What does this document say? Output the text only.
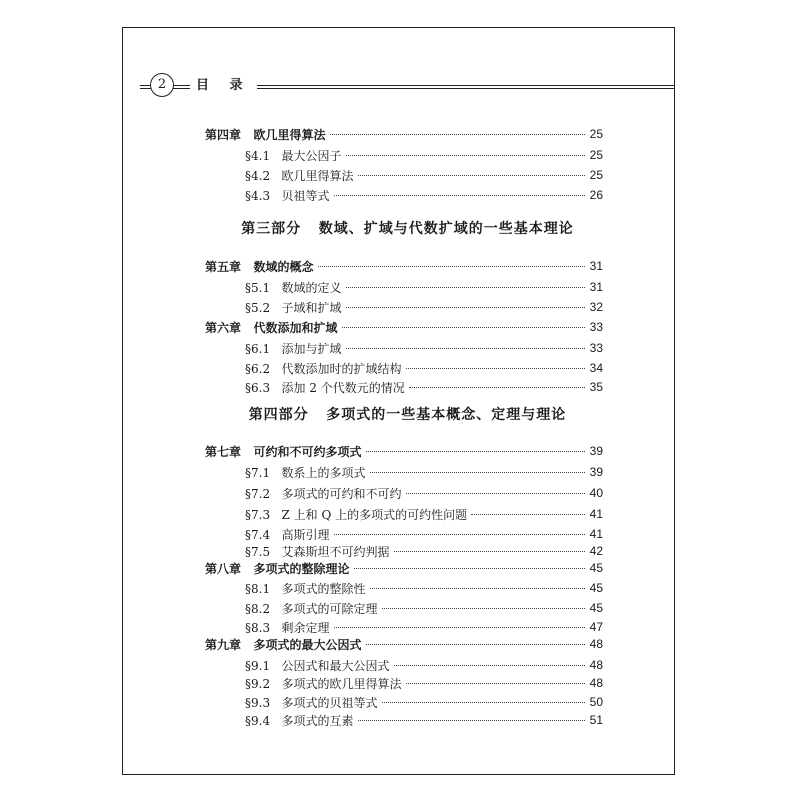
2	目 录
第三部分   数域、扩域与代数扩域的一些基本理论
第四部分   多项式的一些基本概念、定理与理论
第四章   欧几里得算法	25
§4.1   最大公因子	25
§4.2   欧几里得算法	25
§4.3   贝祖等式	26
第五章   数域的概念	31
§5.1   数域的定义	31
§5.2   子域和扩域	32
第六章   代数添加和扩域	33
§6.1   添加与扩域	33
§6.2   代数添加时的扩域结构	34
§6.3   添加 2 个代数元的情况	35
第七章   可约和不可约多项式	39
§7.1   数系上的多项式	39
§7.2   多项式的可约和不可约	40
§7.3   Z 上和 Q 上的多项式的可约性问题	41
§7.4   高斯引理	41
§7.5   艾森斯坦不可约判据	42
第八章   多项式的整除理论	45
§8.1   多项式的整除性	45
§8.2   多项式的可除定理	45
§8.3   剩余定理	47
第九章   多项式的最大公因式	48
§9.1   公因式和最大公因式	48
§9.2   多项式的欧几里得算法	48
§9.3   多项式的贝祖等式	50
§9.4   多项式的互素	51
